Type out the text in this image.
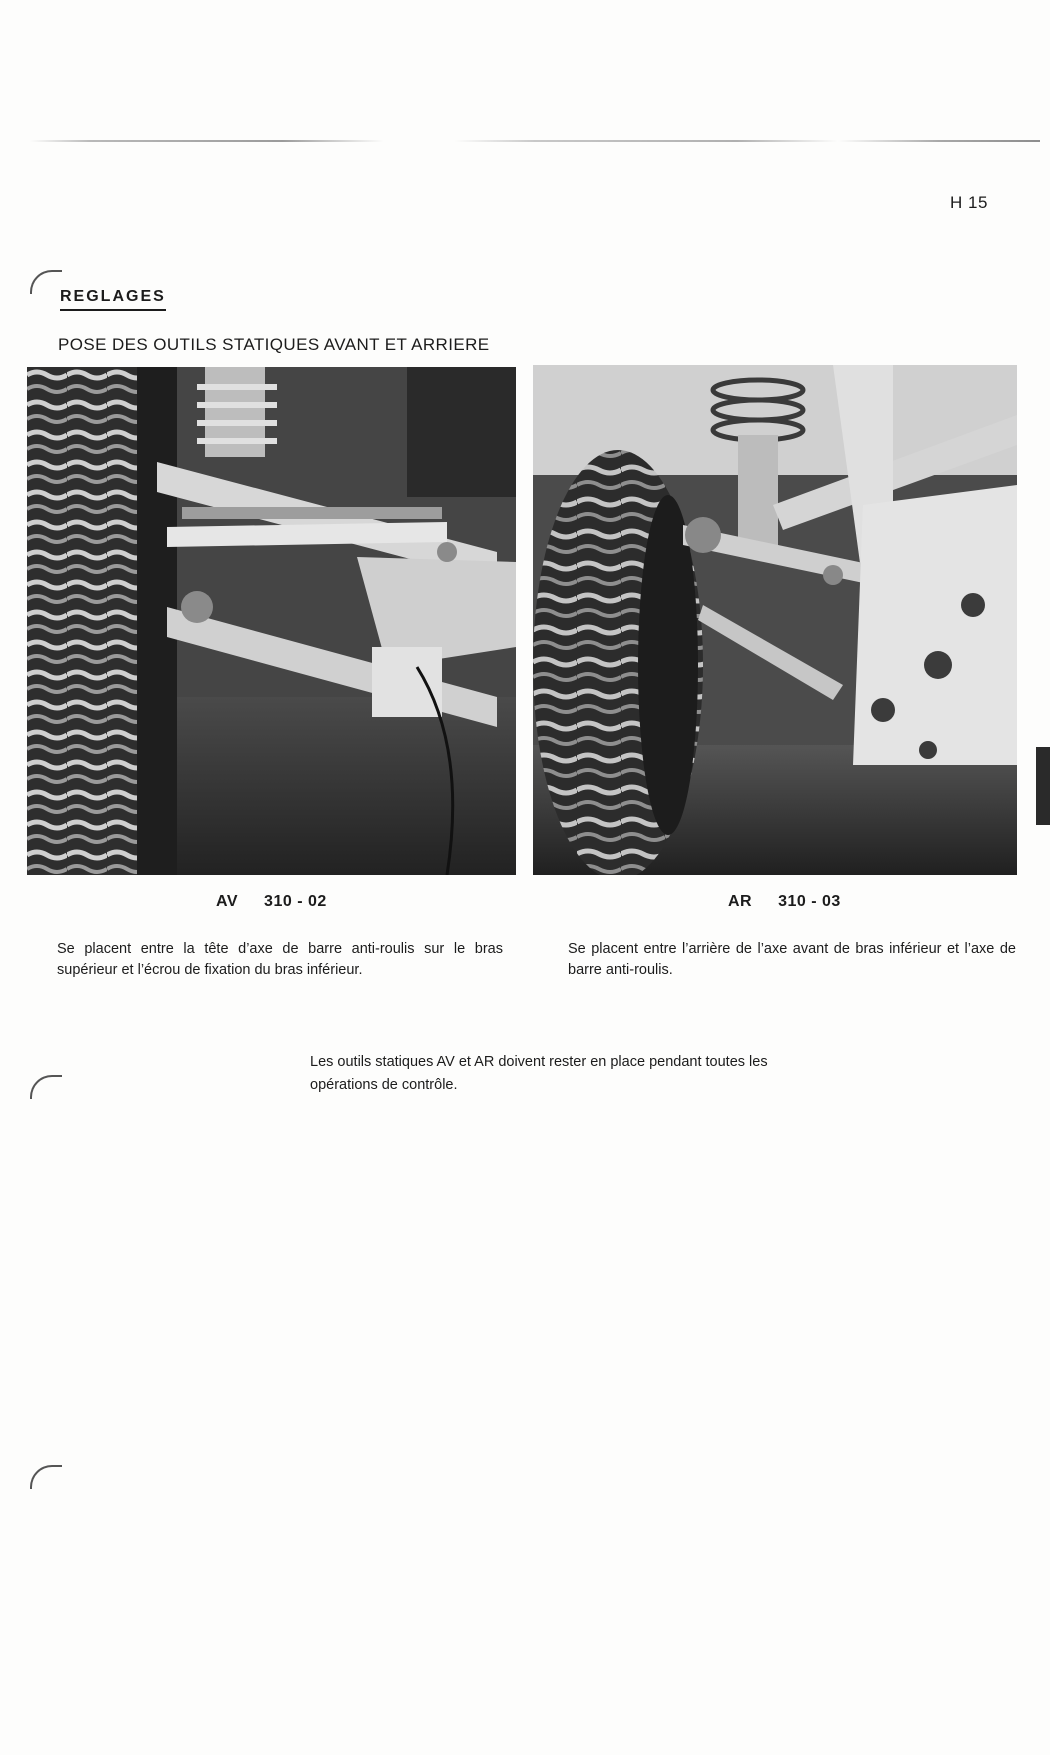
H 15
REGLAGES
POSE DES OUTILS STATIQUES AVANT ET ARRIERE
AV 310 - 02	AR 310 - 03
Se placent entre la tête d’axe de barre anti-roulis sur le bras supérieur et l’écrou de fixation du bras inférieur.
Se placent entre l’arrière de l’axe avant de bras inférieur et l’axe de barre anti-roulis.
Les outils statiques AV et AR doivent rester en place pendant toutes les opérations de contrôle.
